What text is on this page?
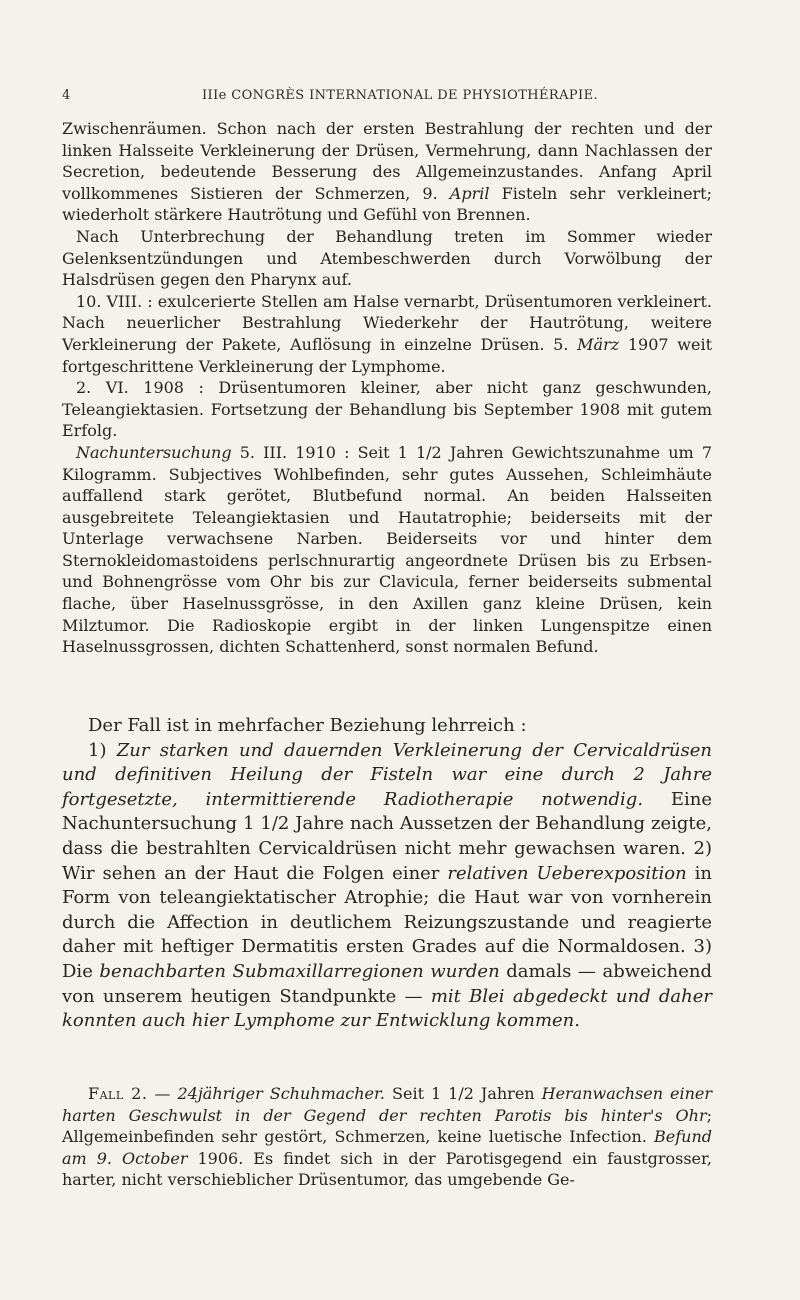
4	IIIe CONGRÈS INTERNATIONAL DE PHYSIOTHÉRAPIE.

Zwischenräumen. Schon nach der ersten Bestrahlung der rechten und der linken Halsseite Verkleinerung der Drüsen, Vermehrung, dann Nachlassen der Secretion, bedeutende Besserung des Allgemeinzustandes. Anfang April vollkommenes Sistieren der Schmerzen, 9. April Fisteln sehr verkleinert; wiederholt stärkere Hautrötung und Gefühl von Brennen.

Nach Unterbrechung der Behandlung treten im Sommer wieder Gelenksentzündungen und Atembeschwerden durch Vorwölbung der Halsdrüsen gegen den Pharynx auf.

10. VIII. : exulcerierte Stellen am Halse vernarbt, Drüsentumoren verkleinert. Nach neuerlicher Bestrahlung Wiederkehr der Hautrötung, weitere Verkleinerung der Pakete, Auflösung in einzelne Drüsen. 5. März 1907 weit fortgeschrittene Verkleinerung der Lymphome.

2. VI. 1908 : Drüsentumoren kleiner, aber nicht ganz geschwunden, Teleangiektasien. Fortsetzung der Behandlung bis September 1908 mit gutem Erfolg.

Nachuntersuchung 5. III. 1910 : Seit 1 1/2 Jahren Gewichtszunahme um 7 Kilogramm. Subjectives Wohlbefinden, sehr gutes Aussehen, Schleimhäute auffallend stark gerötet, Blutbefund normal. An beiden Halsseiten ausgebreitete Teleangiektasien und Hautatrophie; beiderseits mit der Unterlage verwachsene Narben. Beiderseits vor und hinter dem Sternokleidomastoidens perlschnurartig angeordnete Drüsen bis zu Erbsen- und Bohnengrösse vom Ohr bis zur Clavicula, ferner beiderseits submental flache, über Haselnussgrösse, in den Axillen ganz kleine Drüsen, kein Milztumor. Die Radioskopie ergibt in der linken Lungenspitze einen Haselnussgrossen, dichten Schattenherd, sonst normalen Befund.

Der Fall ist in mehrfacher Beziehung lehrreich :

1) Zur starken und dauernden Verkleinerung der Cervicaldrüsen und definitiven Heilung der Fisteln war eine durch 2 Jahre fortgesetzte, intermittierende Radiotherapie notwendig. Eine Nachuntersuchung 1 1/2 Jahre nach Aussetzen der Behandlung zeigte, dass die bestrahlten Cervicaldrüsen nicht mehr gewachsen waren. 2) Wir sehen an der Haut die Folgen einer relativen Ueberexposition in Form von teleangiektatischer Atrophie; die Haut war von vornherein durch die Affection in deutlichem Reizungszustande und reagierte daher mit heftiger Dermatitis ersten Grades auf die Normaldosen. 3) Die benachbarten Submaxillarregionen wurden damals — abweichend von unserem heutigen Standpunkte — mit Blei abgedeckt und daher konnten auch hier Lymphome zur Entwicklung kommen.

Fall 2. — 24jähriger Schuhmacher. Seit 1 1/2 Jahren Heranwachsen einer harten Geschwulst in der Gegend der rechten Parotis bis hinter's Ohr; Allgemeinbefinden sehr gestört, Schmerzen, keine luetische Infection. Befund am 9. October 1906. Es findet sich in der Parotisgegend ein faustgrosser, harter, nicht verschieblicher Drüsentumor, das umgebende Ge-
